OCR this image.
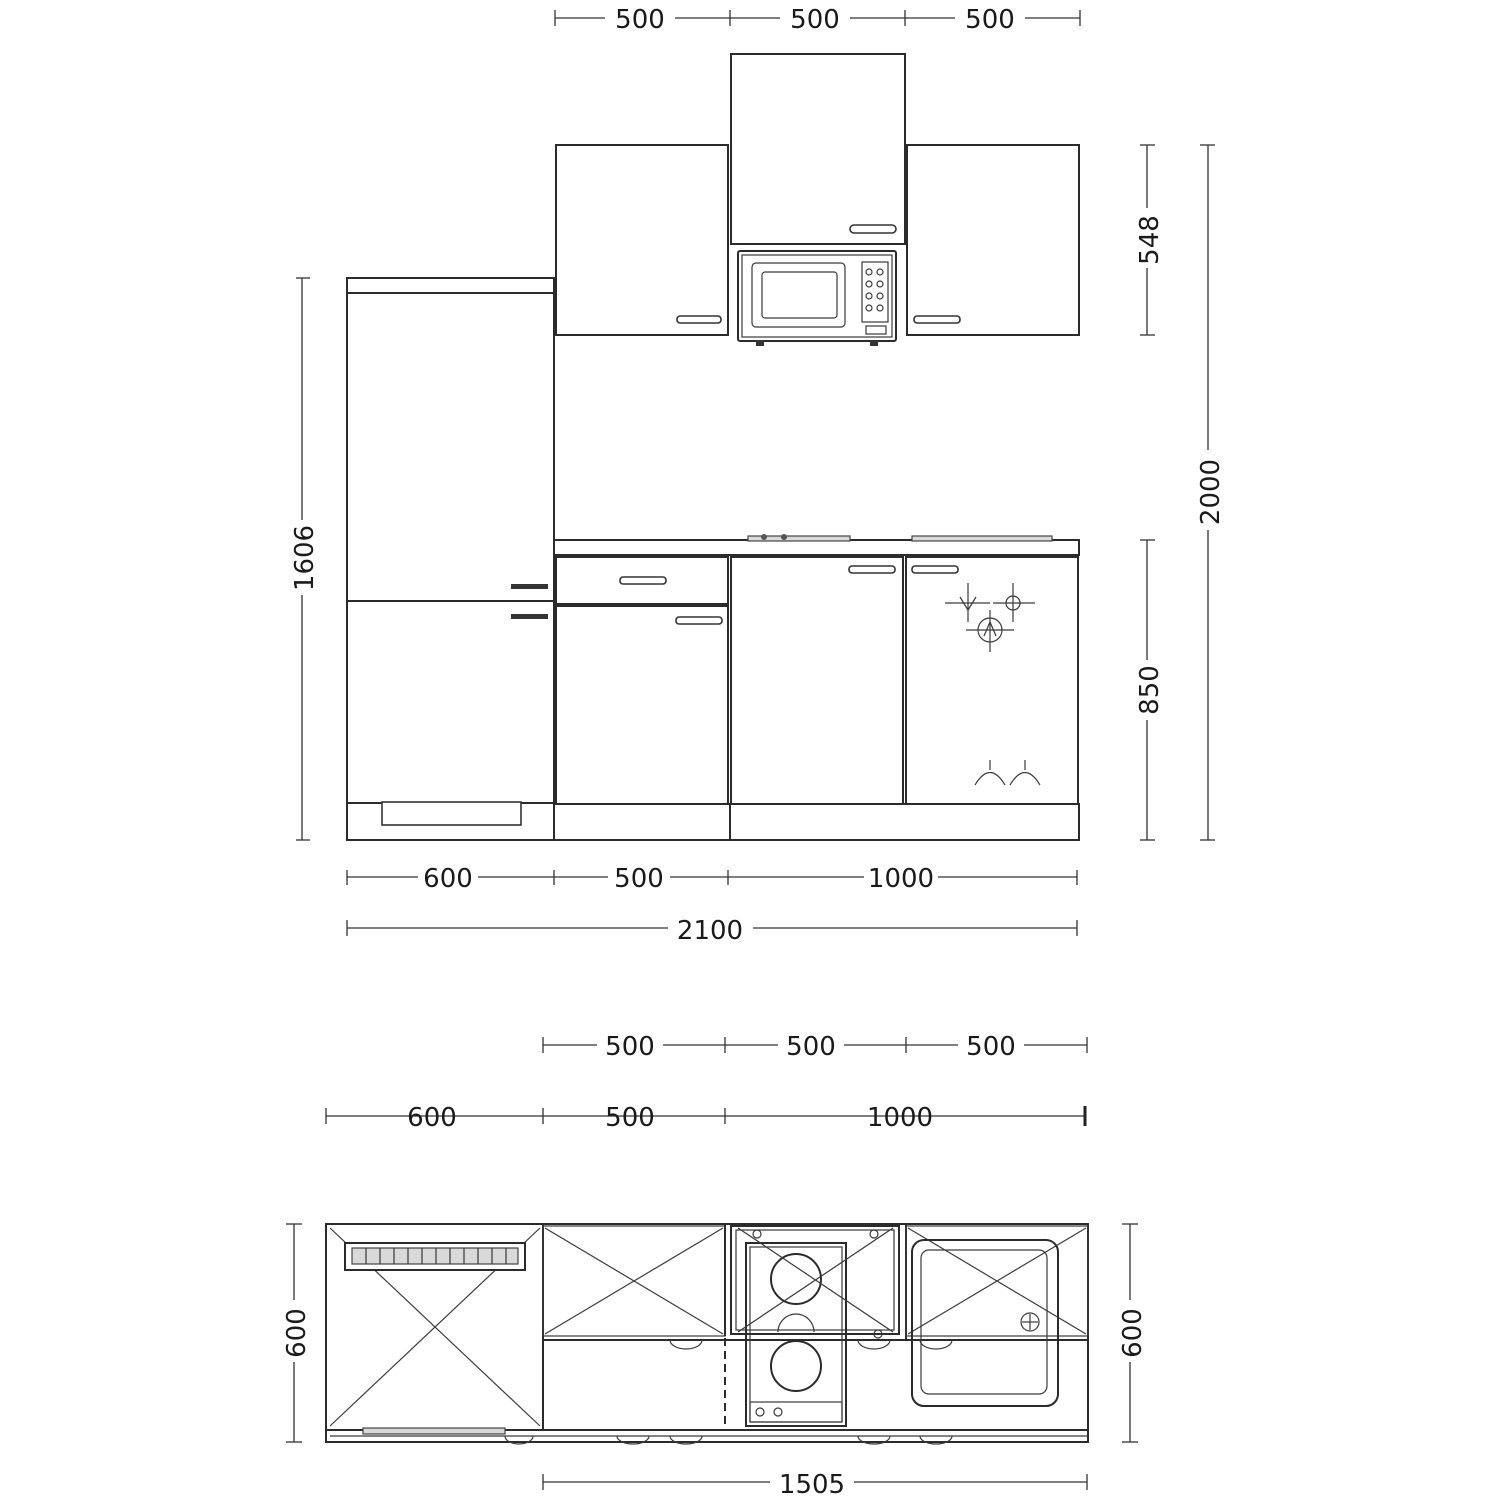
500	500	500
1606
548
850
2000
600	500	1000
2100
500	500	500
600	500	1000
600	600
1505
